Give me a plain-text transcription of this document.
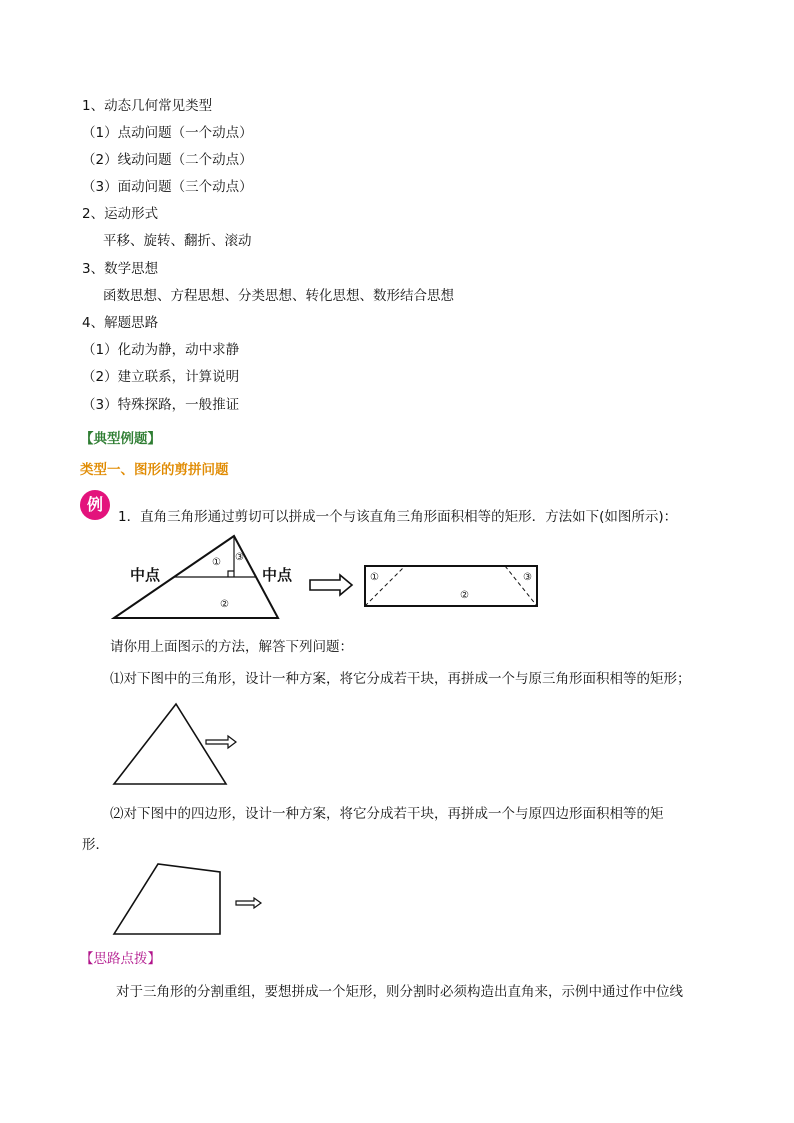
1、动态几何常见类型
（1）点动问题（一个动点）
（2）线动问题（二个动点）
（3）面动问题（三个动点）
2、运动形式
平移、旋转、翻折、滚动
3、数学思想
函数思想、方程思想、分类思想、转化思想、数形结合思想
4、解题思路
（1）化动为静，动中求静
（2）建立联系，计算说明
（3）特殊探路，一般推证
【典型例题】
类型一、图形的剪拼问题
例
1．直角三角形通过剪切可以拼成一个与该直角三角形面积相等的矩形．方法如下(如图所示)：
中点	中点
① ③
②
①	③
②
请你用上面图示的方法，解答下列问题：
⑴对下图中的三角形，设计一种方案，将它分成若干块，再拼成一个与原三角形面积相等的矩形；
⑵对下图中的四边形，设计一种方案，将它分成若干块，再拼成一个与原四边形面积相等的矩
形．
【思路点拨】
对于三角形的分割重组，要想拼成一个矩形，则分割时必须构造出直角来，示例中通过作中位线
